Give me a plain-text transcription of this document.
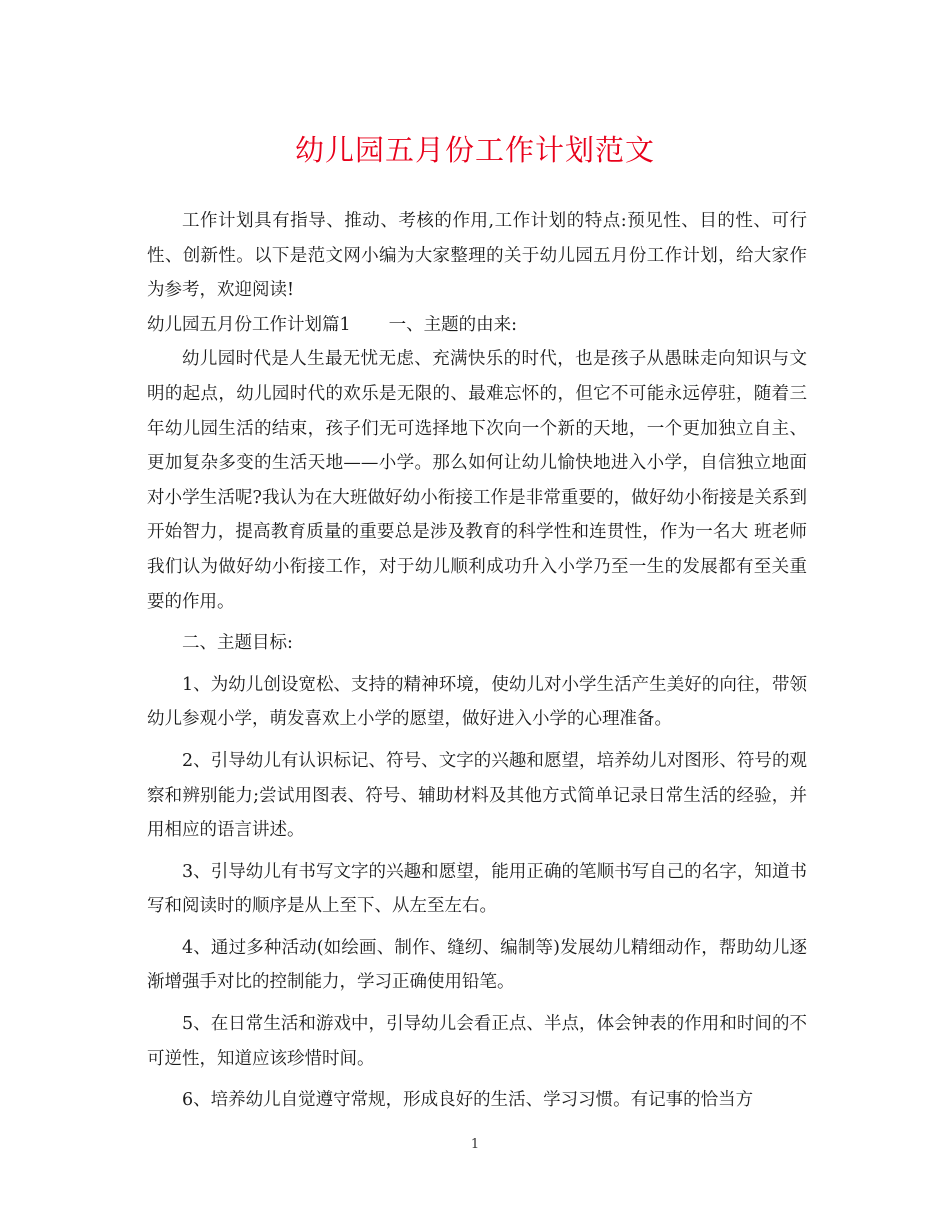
幼儿园五月份工作计划范文

工作计划具有指导、推动、考核的作用,工作计划的特点:预见性、目的性、可行性、创新性。以下是范文网小编为大家整理的关于幼儿园五月份工作计划，给大家作为参考，欢迎阅读!

幼儿园五月份工作计划篇1 一、主题的由来:

幼儿园时代是人生最无忧无虑、充满快乐的时代，也是孩子从愚昧走向知识与文明的起点，幼儿园时代的欢乐是无限的、最难忘怀的，但它不可能永远停驻，随着三年幼儿园生活的结束，孩子们无可选择地下次向一个新的天地，一个更加独立自主、更加复杂多变的生活天地——小学。那么如何让幼儿愉快地进入小学，自信独立地面对小学生活呢?我认为在大班做好幼小衔接工作是非常重要的，做好幼小衔接是关系到开始智力，提高教育质量的重要总是涉及教育的科学性和连贯性，作为一名大 班老师我们认为做好幼小衔接工作，对于幼儿顺利成功升入小学乃至一生的发展都有至关重要的作用。

二、主题目标:

1、为幼儿创设宽松、支持的精神环境，使幼儿对小学生活产生美好的向往，带领幼儿参观小学，萌发喜欢上小学的愿望，做好进入小学的心理准备。

2、引导幼儿有认识标记、符号、文字的兴趣和愿望，培养幼儿对图形、符号的观察和辨别能力;尝试用图表、符号、辅助材料及其他方式简单记录日常生活的经验，并用相应的语言讲述。

3、引导幼儿有书写文字的兴趣和愿望，能用正确的笔顺书写自己的名字，知道书写和阅读时的顺序是从上至下、从左至左右。

4、通过多种活动(如绘画、制作、缝纫、编制等)发展幼儿精细动作，帮助幼儿逐渐增强手对比的控制能力，学习正确使用铅笔。

5、在日常生活和游戏中，引导幼儿会看正点、半点，体会钟表的作用和时间的不可逆性，知道应该珍惜时间。

6、培养幼儿自觉遵守常规，形成良好的生活、学习习惯。有记事的恰当方

1
